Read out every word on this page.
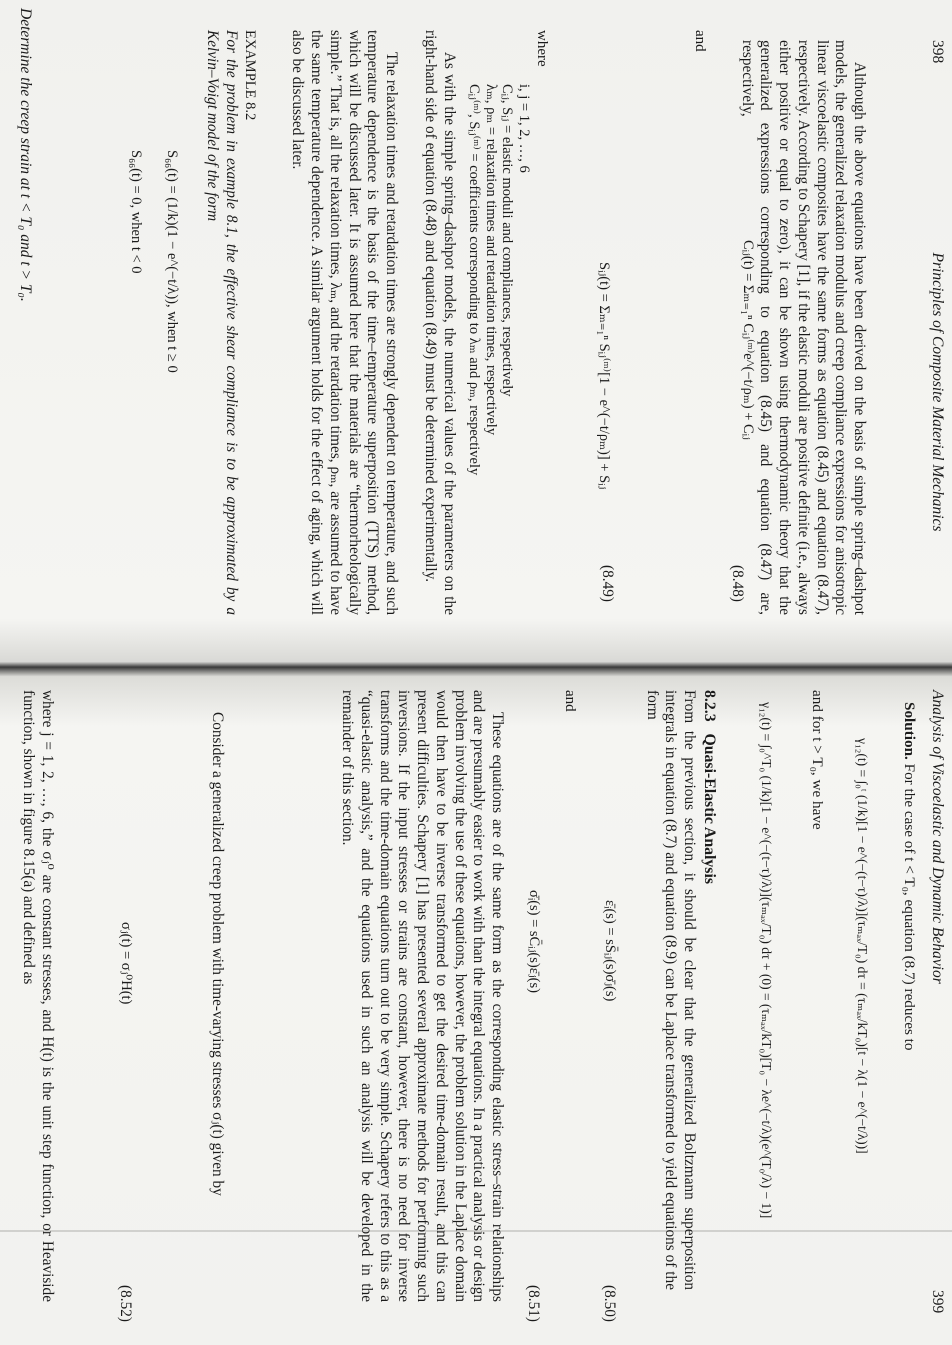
398
Principles of Composite Material Mechanics

Although the above equations have been derived on the basis of simple spring–dashpot models, the generalized relaxation modulus and creep compliance expressions for anisotropic linear viscoelastic composites have the same forms as equation (8.45) and equation (8.47), respectively. According to Schapery [1], if the elastic moduli are positive definite (i.e., always either positive or equal to zero), it can be shown using thermodynamic theory that the generalized expressions corresponding to equation (8.45) and equation (8.47) are, respectively,

and
Cᵢⱼ(t) = Σₘ₌₁ⁿ Cᵢⱼ⁽ᵐ⁾e^(−t/ρₘ) + Cᵢⱼ
(8.48)
Sᵢⱼ(t) = Σₘ₌₁ⁿ Sᵢⱼ⁽ᵐ⁾[1 − e^(−t/ρₘ)] + Sᵢⱼ
(8.49)
where
i, j = 1, 2, …, 6
Cᵢⱼ, Sᵢⱼ = elastic moduli and compliances, respectively
λₘ, ρₘ = relaxation times and retardation times, respectively
Cᵢⱼ⁽ᵐ⁾, Sᵢⱼ⁽ᵐ⁾ = coefficients corresponding to λₘ and ρₘ, respectively

As with the simple spring–dashpot models, the numerical values of the parameters on the right-hand side of equation (8.48) and equation (8.49) must be determined experimentally.

The relaxation times and retardation times are strongly dependent on temperature, and such temperature dependence is the basis of the time–temperature superposition (TTS) method, which will be discussed later. It is assumed here that the materials are “thermorheologically simple.” That is, all the relaxation times, λₘ, and the retardation times, ρₘ, are assumed to have the same temperature dependence. A similar argument holds for the effect of aging, which will also be discussed later.

EXAMPLE 8.2

For the problem in example 8.1, the effective shear compliance is to be approximated by a Kelvin–Voigt model of the form

S₆₆(t) = (1/k)(1 − e^(−t/λ)), when t ≥ 0
S₆₆(t) = 0, when t < 0
Determine the creep strain at t < T₀ and t > T₀.
Analysis of Viscoelastic and Dynamic Behavior
399
Solution. For the case of t < T₀, equation (8.7) reduces to
γ₁₂(t) = ∫₀ᵗ (1/k)[1 − e^(−(t−τ)/λ)](τₘₐₓ/T₀) dτ = (τₘₐₓ/kT₀)[t − λ(1 − e^(−t/λ))]
and for t > T₀, we have
γ₁₂(t) = ∫₀^T₀ (1/k)[1 − e^(−(t−τ)/λ)](τₘₐₓ/T₀) dτ + (0) = (τₘₐₓ/kT₀)[T₀ − λe^(−t/λ)(e^(T₀/λ) − 1)]
8.2.3   Quasi-Elastic Analysis

From the previous section, it should be clear that the generalized Boltzmann superposition integrals in equation (8.7) and equation (8.9) can be Laplace transformed to yield equations of the form

ε̄ᵢ(s) = sS̄ᵢⱼ(s)σ̄ⱼ(s)
(8.50)
and
σ̄ᵢ(s) = sC̄ᵢⱼ(s)ε̄ⱼ(s)
(8.51)

These equations are of the same form as the corresponding elastic stress–strain relationships and are presumably easier to work with than the integral equations. In a practical analysis or design problem involving the use of these equations, however, the problem solution in the Laplace domain would then have to be inverse transformed to get the desired time-domain result, and this can present difficulties. Schapery [1] has presented several approximate methods for performing such inversions. If the input stresses or strains are constant, however, there is no need for inverse transforms and the time-domain equations turn out to be very simple. Schapery refers to this as a “quasi-elastic analysis,” and the equations used in such an analysis will be developed in the remainder of this section.

Consider a generalized creep problem with time-varying stresses σⱼ(t) given by

σⱼ(t) = σⱼ⁰H(t)
(8.52)

where j = 1, 2, …, 6, the σⱼ⁰ are constant stresses, and H(t) is the unit step function, or Heaviside function, shown in figure 8.15(a) and defined as
